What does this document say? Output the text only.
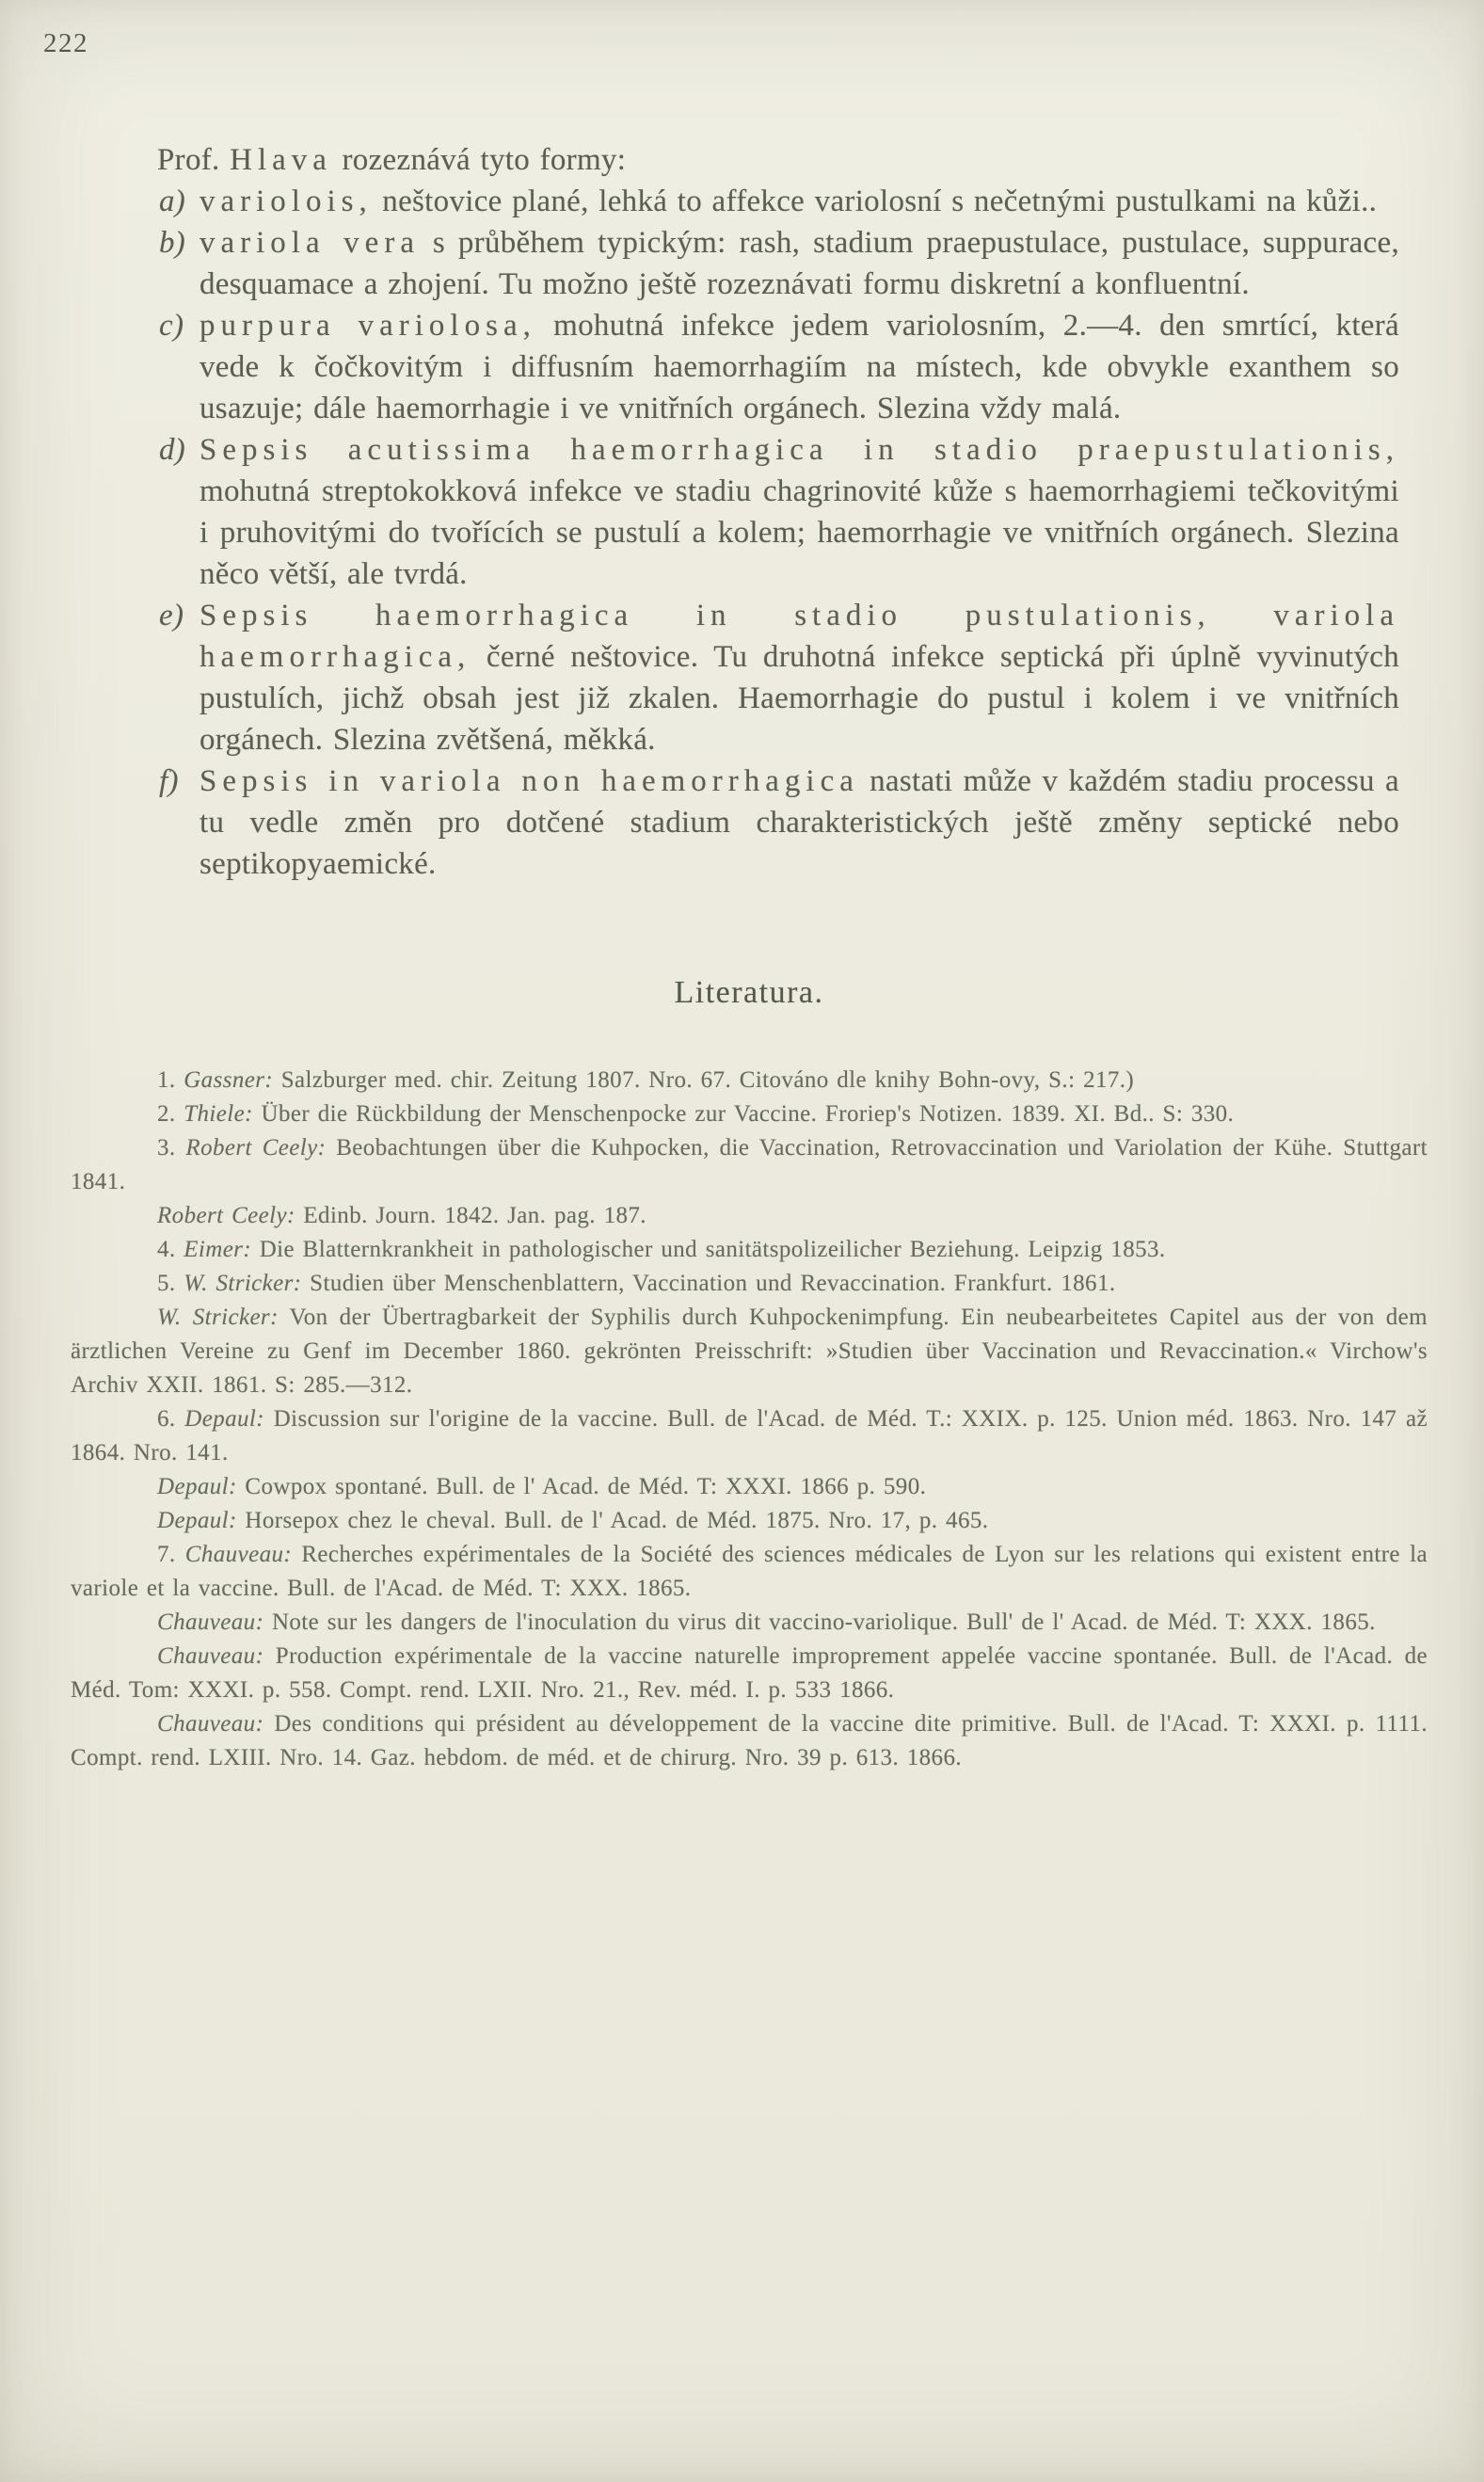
222

Prof. Hlava rozeznává tyto formy:

a) variolois, neštovice plané, lehká to affekce variolosní s nečetnými pustulkami na kůži..

b) variola vera s průběhem typickým: rash, stadium praepustulace, pustulace, suppurace, desquamace a zhojení. Tu možno ještě rozeznávati formu diskretní a konfluentní.

c) purpura variolosa, mohutná infekce jedem variolosním, 2.—4. den smrtící, která vede k čočkovitým i diffusním haemorrhagiím na místech, kde obvykle exanthem so usazuje; dále haemorrhagie i ve vnitřních orgánech. Slezina vždy malá.

d) Sepsis acutissima haemorrhagica in stadio praepustulationis, mohutná streptokokková infekce ve stadiu chagrinovité kůže s haemorrhagiemi tečkovitými i pruhovitými do tvořících se pustulí a kolem; haemorrhagie ve vnitřních orgánech. Slezina něco větší, ale tvrdá.

e) Sepsis haemorrhagica in stadio pustulationis, variola haemorrhagica, černé neštovice. Tu druhotná infekce septická při úplně vyvinutých pustulích, jichž obsah jest již zkalen. Haemorrhagie do pustul i kolem i ve vnitřních orgánech. Slezina zvětšená, měkká.

f) Sepsis in variola non haemorrhagica nastati může v každém stadiu processu a tu vedle změn pro dotčené stadium charakteristických ještě změny septické nebo septikopyaemické.

Literatura.

1. Gassner: Salzburger med. chir. Zeitung 1807. Nro. 67. Citováno dle knihy Bohn-ovy, S.: 217.)

2. Thiele: Über die Rückbildung der Menschenpocke zur Vaccine. Froriep's Notizen. 1839. XI. Bd.. S: 330.

3. Robert Ceely: Beobachtungen über die Kuhpocken, die Vaccination, Retrovaccination und Variolation der Kühe. Stuttgart 1841.

Robert Ceely: Edinb. Journ. 1842. Jan. pag. 187.

4. Eimer: Die Blatternkrankheit in pathologischer und sanitätspolizeilicher Beziehung. Leipzig 1853.

5. W. Stricker: Studien über Menschenblattern, Vaccination und Revaccination. Frankfurt. 1861.

W. Stricker: Von der Übertragbarkeit der Syphilis durch Kuhpockenimpfung. Ein neubearbeitetes Capitel aus der von dem ärztlichen Vereine zu Genf im December 1860. gekrönten Preisschrift: »Studien über Vaccination und Revaccination.« Virchow's Archiv XXII. 1861. S: 285.—312.

6. Depaul: Discussion sur l'origine de la vaccine. Bull. de l'Acad. de Méd. T.: XXIX. p. 125. Union méd. 1863. Nro. 147 až 1864. Nro. 141.

Depaul: Cowpox spontané. Bull. de l' Acad. de Méd. T: XXXI. 1866 p. 590.

Depaul: Horsepox chez le cheval. Bull. de l' Acad. de Méd. 1875. Nro. 17, p. 465.

7. Chauveau: Recherches expérimentales de la Société des sciences médicales de Lyon sur les relations qui existent entre la variole et la vaccine. Bull. de l'Acad. de Méd. T: XXX. 1865.

Chauveau: Note sur les dangers de l'inoculation du virus dit vaccino-variolique. Bull' de l' Acad. de Méd. T: XXX. 1865.

Chauveau: Production expérimentale de la vaccine naturelle improprement appelée vaccine spontanée. Bull. de l'Acad. de Méd. Tom: XXXI. p. 558. Compt. rend. LXII. Nro. 21., Rev. méd. I. p. 533 1866.

Chauveau: Des conditions qui président au développement de la vaccine dite primitive. Bull. de l'Acad. T: XXXI. p. 1111. Compt. rend. LXIII. Nro. 14. Gaz. hebdom. de méd. et de chirurg. Nro. 39 p. 613. 1866.
